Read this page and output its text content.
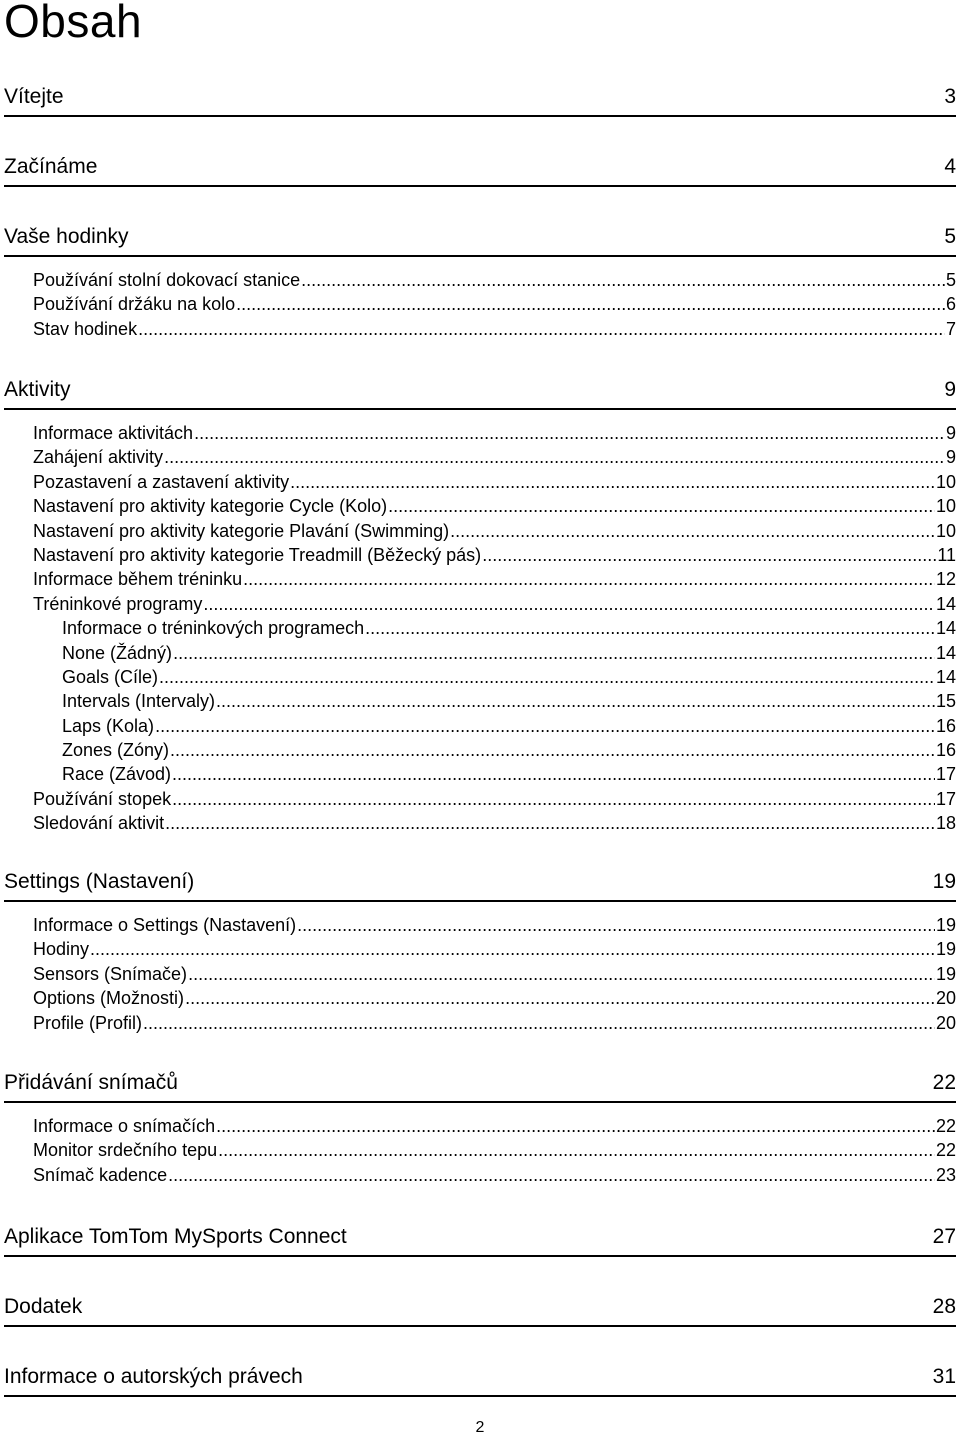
Obsah
Vítejte	3
Začínáme	4
Vaše hodinky	5
Používání stolní dokovací stanice .....	5
Používání držáku na kolo .....	6
Stav hodinek .....	7
Aktivity	9
Informace aktivitách .....	9
Zahájení aktivity .....	9
Pozastavení a zastavení aktivity .....	10
Nastavení pro aktivity kategorie Cycle (Kolo) .....	10
Nastavení pro aktivity kategorie Plavání (Swimming) .....	10
Nastavení pro aktivity kategorie Treadmill (Běžecký pás) .....	11
Informace během tréninku .....	12
Tréninkové programy .....	14
Informace o tréninkových programech .....	14
None (Žádný) .....	14
Goals (Cíle) .....	14
Intervals (Intervaly) .....	15
Laps (Kola) .....	16
Zones (Zóny) .....	16
Race (Závod) .....	17
Používání stopek .....	17
Sledování aktivit .....	18
Settings (Nastavení)	19
Informace o Settings (Nastavení) .....	19
Hodiny .....	19
Sensors (Snímače) .....	19
Options (Možnosti) .....	20
Profile (Profil) .....	20
Přidávání snímačů	22
Informace o snímačích .....	22
Monitor srdečního tepu .....	22
Snímač kadence .....	23
Aplikace TomTom MySports Connect	27
Dodatek	28
Informace o autorských právech	31
2
